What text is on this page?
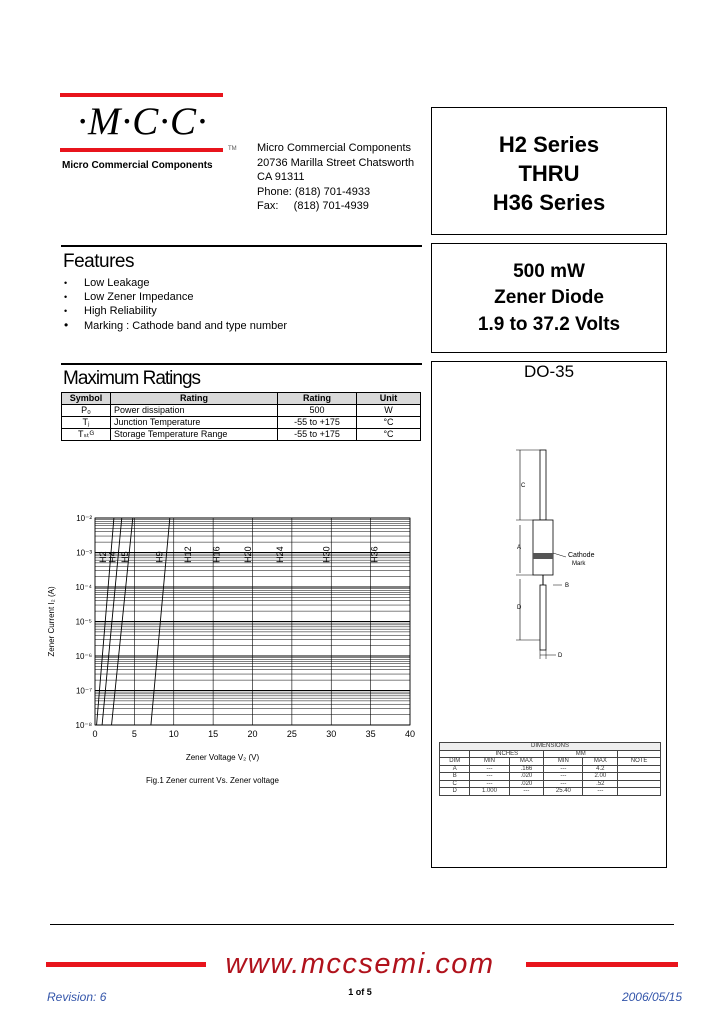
·M·C·C·
TM
Micro Commercial Components
Micro Commercial Components
20736 Marilla Street Chatsworth
CA 91311
Phone: (818) 701-4933
Fax:     (818) 701-4939
H2 Series
THRU
H36 Series
500 mW
Zener Diode
1.9 to 37.2 Volts
Features
• Low Leakage
• Low Zener Impedance
• High Reliability
• Marking : Cathode band and type number
Maximum Ratings
Symbol	Rating	Rating	Unit
P₀	Power dissipation	500	W
Tⱼ	Junction Temperature	-55 to +175	°C
Tₛₜᴳ	Storage Temperature Range	-55 to +175	°C
DO-35
C
A
B
D
D
Cathode
Mark
DIMENSIONS					
	INCHES		MM		
DIM	MIN	MAX	MIN	MAX	NOTE
A	---	.166	---	4.2	
B	---	.020	---	2.00	
C	---	.020	---	.52	
D	1.000	---	25.40	---	
0	5	10	15	20	25	30	35	40
10⁻²
10⁻³
10⁻⁴
10⁻⁵
10⁻⁶
10⁻⁷
10⁻⁸
H2 H4 H5	H9 H12 H16 H20 H24	H30	H36
Zener Voltage V₂ (V)
Zener Current I₂ (A)
Fig.1 Zener current Vs. Zener voltage
www.mccsemi.com
Revision: 6	1 of 5	2006/05/15
